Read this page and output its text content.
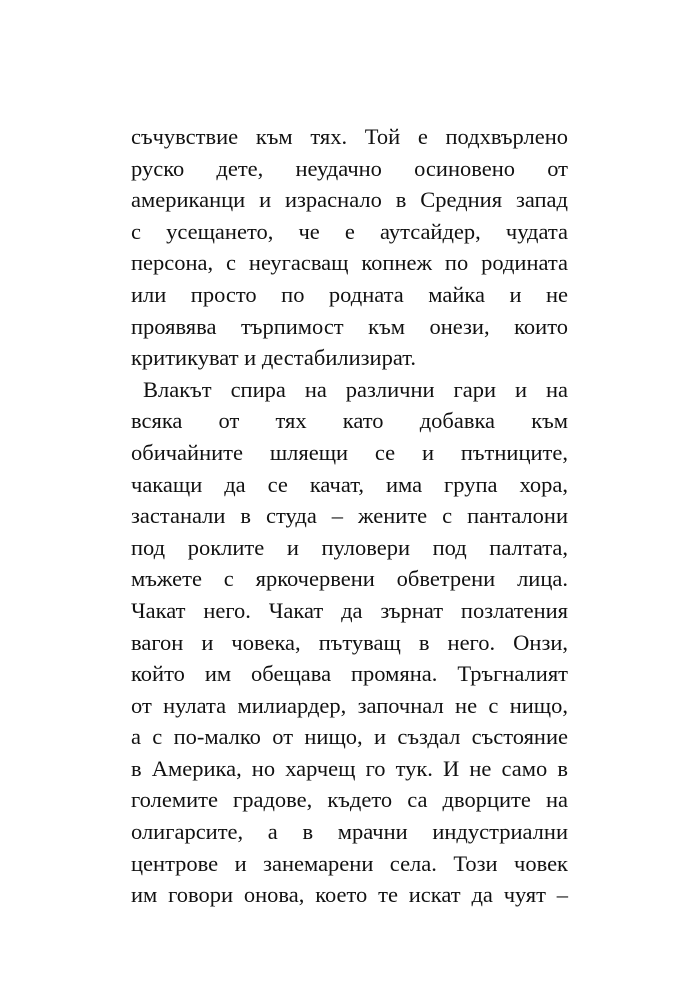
съчувствие към тях. Той е подхвърлено
руско дете, неудачно осиновено от
американци и израснало в Средния запад
с усещането, че е аутсайдер, чудата
персона, с неугасващ копнеж по родината
или просто по родната майка и не
проявява търпимост към онези, които
критикуват и дестабилизират.
Влакът спира на различни гари и на
всяка от тях като добавка към
обичайните шляещи се и пътниците,
чакащи да се качат, има група хора,
застанали в студа – жените с панталони
под роклите и пуловери под палтата,
мъжете с яркочервени обветрени лица.
Чакат него. Чакат да зърнат позлатения
вагон и човека, пътуващ в него. Онзи,
който им обещава промяна. Тръгналият
от нулата милиардер, започнал не с нищо,
а с по-малко от нищо, и създал състояние
в Америка, но харчещ го тук. И не само в
големите градове, където са дворците на
олигарсите, а в мрачни индустриални
центрове и занемарени села. Този човек
им говори онова, което те искат да чуят –
